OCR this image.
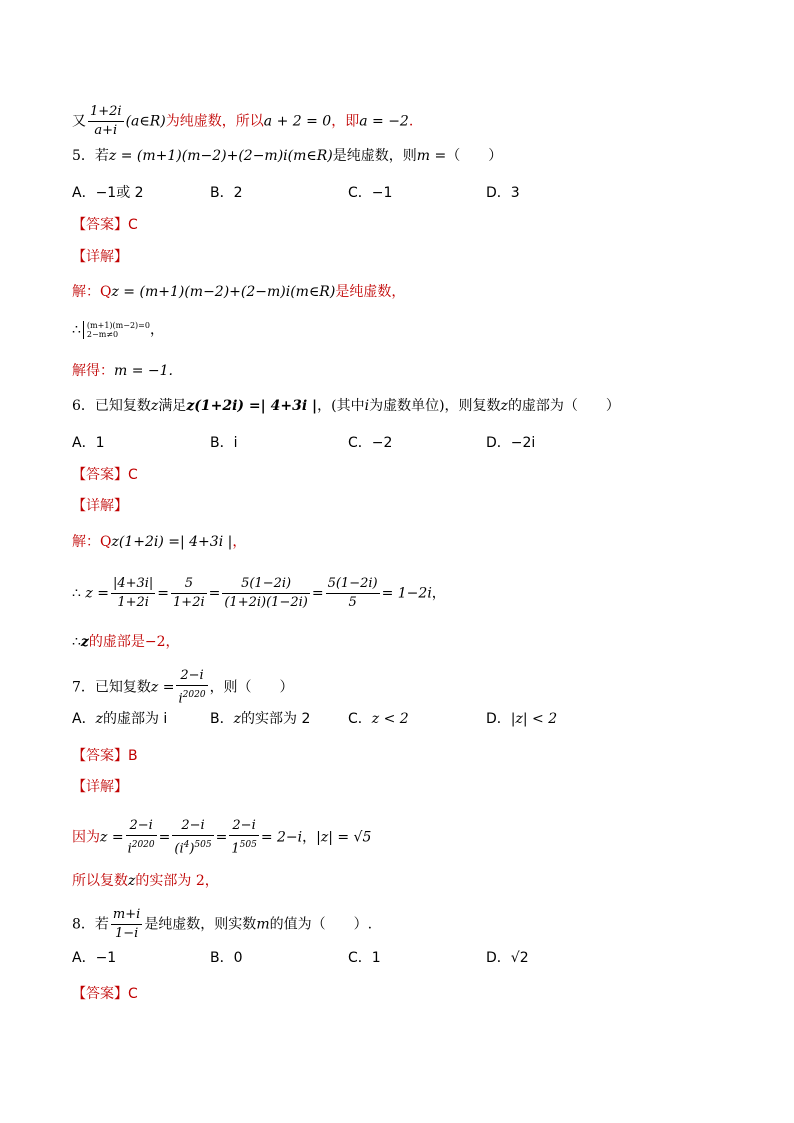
又 $\frac{1+2i}{a+i}$ (a∈R)为纯虚数，所以a + 2 = 0，即a = −2.
5．若z = (m+1)(m−2)+(2−m)i(m∈R)是纯虚数，则m =（　　）
A．−1或 2	B．2	C．−1	D．3
【答案】C
【详解】
解：Qz = (m+1)(m−2)+(2−m)i(m∈R)是纯虚数，
∴ (m+1)(m−2)=0
2−m≠0	，
解得：m = −1.
6．已知复数z满足z(1+2i) =| 4+3i |，(其中i为虚数单位)，则复数z的虚部为（　　）
A．1	B．i	C．−2	D．−2i
【答案】C
【详解】
解：Qz(1+2i) =| 4+3i |，
∴ $z = \frac{|4+3i|}{1+2i} = \frac{5}{1+2i} = \frac{5(1-2i)}{(1+2i)(1-2i)} = \frac{5(1-2i)}{5} = 1-2i$，
∴z的虚部是−2，
7．已知复数$z = \frac{2-i}{i^{2020}}$ ，则（　　）
A．z的虚部为 i	B．z的实部为 2	C．z < 2	D．|z| < 2
【答案】B
【详解】
因为$z = \frac{2-i}{i^{2020}} = \frac{2-i}{(i^4)^{505}} = \frac{2-i}{1^{505}} = 2-i$，|z| = √5
所以复数z的实部为 2，
8．若 $\frac{m+i}{1-i}$ 是纯虚数，则实数m的值为（　　）.
A．−1	B．0	C．1	D．√2
【答案】C
